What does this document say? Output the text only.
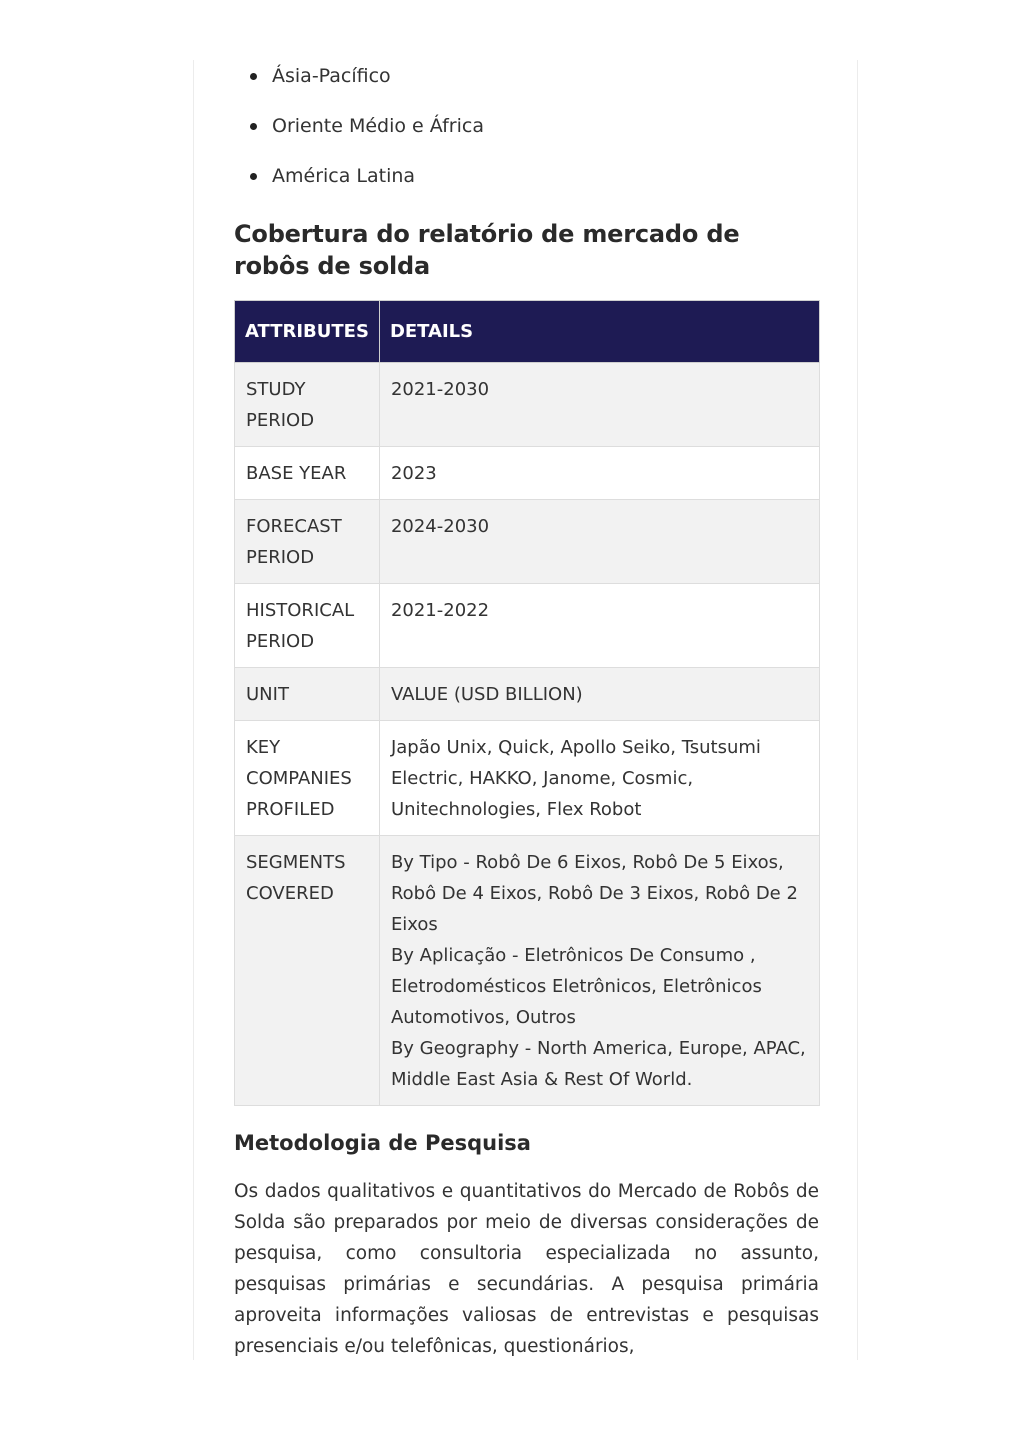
Ásia-Pacífico
Oriente Médio e África
América Latina
Cobertura do relatório de mercado de robôs de solda
ATTRIBUTES	DETAILS
STUDY PERIOD	2021-2030
BASE YEAR	2023
FORECAST PERIOD	2024-2030
HISTORICAL PERIOD	2021-2022
UNIT	VALUE (USD BILLION)
KEY COMPANIES PROFILED	Japão Unix, Quick, Apollo Seiko, Tsutsumi Electric, HAKKO, Janome, Cosmic, Unitechnologies, Flex Robot
SEGMENTS COVERED	By Tipo - Robô De 6 Eixos, Robô De 5 Eixos, Robô De 4 Eixos, Robô De 3 Eixos, Robô De 2 Eixos
By Aplicação - Eletrônicos De Consumo , Eletrodomésticos Eletrônicos, Eletrônicos Automotivos, Outros
By Geography - North America, Europe, APAC, Middle East Asia & Rest Of World.
Metodologia de Pesquisa

Os dados qualitativos e quantitativos do Mercado de Robôs de Solda são preparados por meio de diversas considerações de pesquisa, como consultoria especializada no assunto, pesquisas primárias e secundárias. A pesquisa primária aproveita informações valiosas de entrevistas e pesquisas presenciais e/ou telefônicas, questionários,
